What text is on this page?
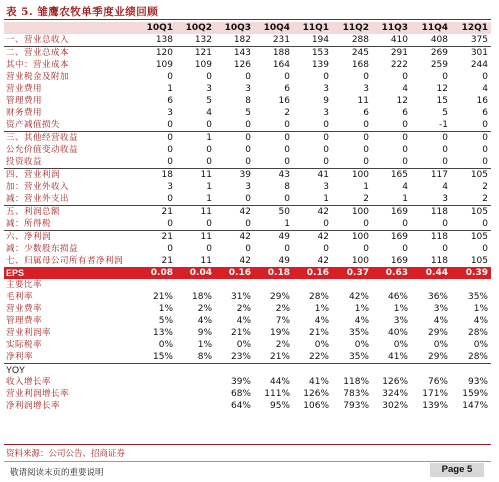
表 5. 雏鹰农牧单季度业绩回顾
	10Q1	10Q2	10Q3	10Q4	11Q1	11Q2	11Q3	11Q4	12Q1
一、营业总收入	138	132	182	231	194	288	410	408	375
二、营业总成本	120	121	143	188	153	245	291	269	301
其中：营业成本	109	109	126	164	139	168	222	259	244
营业税金及附加	0	0	0	0	0	0	0	0	0
营业费用	1	3	3	6	3	3	4	12	4
管理费用	6	5	8	16	9	11	12	15	16
财务费用	3	4	5	2	3	6	6	5	6
资产减值损失	0	0	0	0	0	0	0	-1	0
三、其他经营收益	0	1	0	0	0	0	0	0	0
公允价值变动收益	0	0	0	0	0	0	0	0	0
投资收益	0	0	0	0	0	0	0	0	0
四、营业利润	18	11	39	43	41	100	165	117	105
加：营业外收入	3	1	3	8	3	1	4	4	2
减：营业外支出	0	1	0	0	1	2	1	3	2
五、利润总额	21	11	42	50	42	100	169	118	105
减：所得税	0	0	0	1	0	0	0	0	0
六、净利润	21	11	42	49	42	100	169	118	105
减：少数股东损益	0	0	0	0	0	0	0	0	0
七、归属母公司所有者净利润	21	11	42	49	42	100	169	118	105
EPS	0.08	0.04	0.16	0.18	0.16	0.37	0.63	0.44	0.39
主要比率									
毛利率	21%	18%	31%	29%	28%	42%	46%	36%	35%
营业费率	1%	2%	2%	2%	1%	1%	1%	3%	1%
管理费率	5%	4%	4%	7%	4%	4%	3%	4%	4%
营业利润率	13%	9%	21%	19%	21%	35%	40%	29%	28%
实际税率	0%	1%	0%	2%	0%	0%	0%	0%	0%
净利率	15%	8%	23%	21%	22%	35%	41%	29%	28%
YOY									
收入增长率			39%	44%	41%	118%	126%	76%	93%
营业利润增长率			68%	111%	126%	783%	324%	171%	159%
净利润增长率			64%	95%	106%	793%	302%	139%	147%
资料来源：公司公告、招商证券
敬请阅读末页的重要说明	Page 5
